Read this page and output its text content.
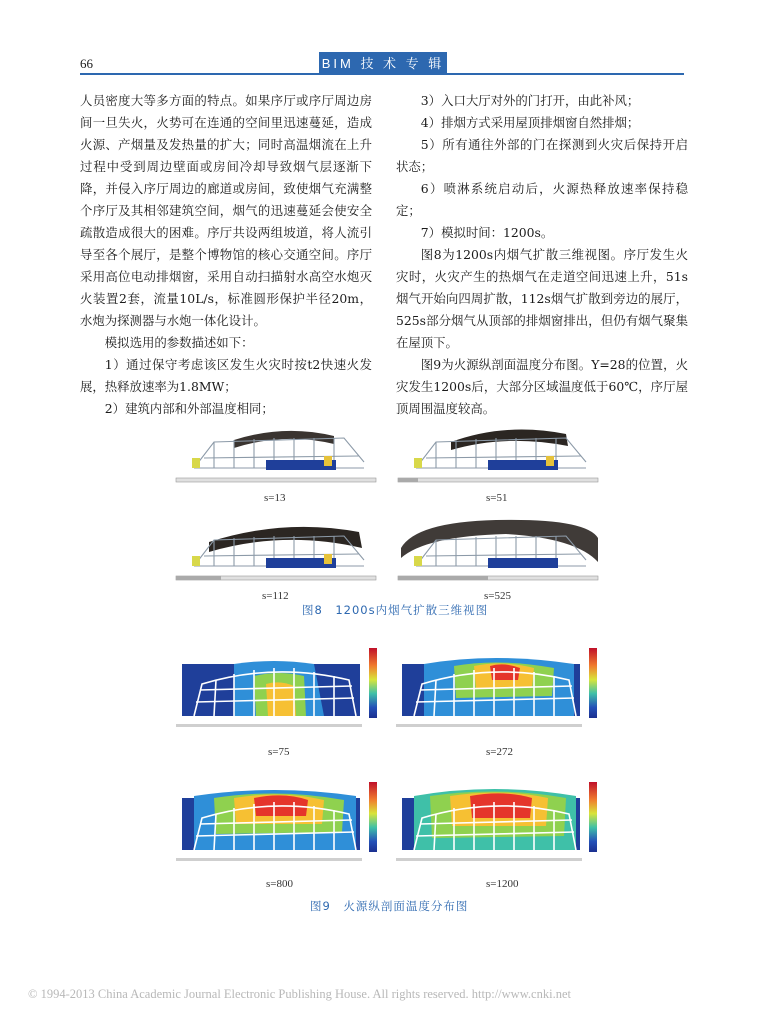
66	BIM 技 术 专 辑

人员密度大等多方面的特点。如果序厅或序厅周边房间一旦失火，火势可在连通的空间里迅速蔓延，造成火源、产烟量及发热量的扩大；同时高温烟流在上升过程中受到周边壁面或房间冷却导致烟气层逐渐下降，并侵入序厅周边的廊道或房间，致使烟气充满整个序厅及其相邻建筑空间，烟气的迅速蔓延会使安全疏散造成很大的困难。序厅共设两组坡道，将人流引导至各个展厅，是整个博物馆的核心交通空间。序厅采用高位电动排烟窗，采用自动扫描射水高空水炮灭火装置2套，流量10L/s，标准圆形保护半径20m，水炮为探测器与水炮一体化设计。

模拟选用的参数描述如下：

1）通过保守考虑该区发生火灾时按t2快速火发展，热释放速率为1.8MW；

2）建筑内部和外部温度相同；

3）入口大厅对外的门打开，由此补风；

4）排烟方式采用屋顶排烟窗自然排烟；

5）所有通往外部的门在探测到火灾后保持开启状态；

6）喷淋系统启动后，火源热释放速率保持稳定；

7）模拟时间：1200s。

图8为1200s内烟气扩散三维视图。序厅发生火灾时，火灾产生的热烟气在走道空间迅速上升，51s烟气开始向四周扩散，112s烟气扩散到旁边的展厅，525s部分烟气从顶部的排烟窗排出，但仍有烟气聚集在屋顶下。

图9为火源纵剖面温度分布图。Y=28的位置，火灾发生1200s后，大部分区域温度低于60℃，序厅屋顶周围温度较高。

s=13	s=51
s=112	s=525
图8　1200s内烟气扩散三维视图
s=75	s=272
s=800	s=1200
图9　火源纵剖面温度分布图
© 1994-2013 China Academic Journal Electronic Publishing House. All rights reserved. http://www.cnki.net
